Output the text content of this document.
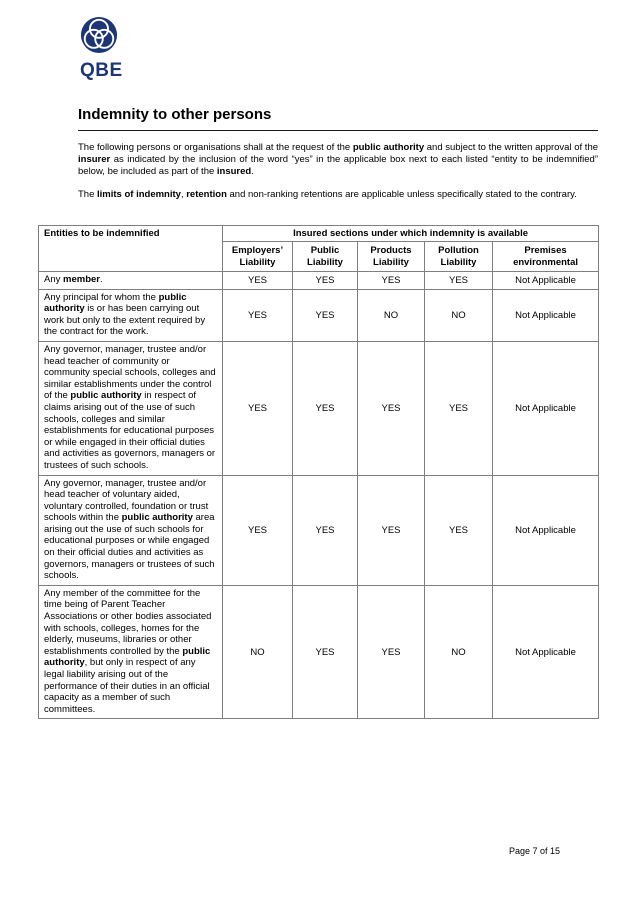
QBE
Indemnity to other persons

The following persons or organisations shall at the request of the public authority and subject to the written approval of the insurer as indicated by the inclusion of the word “yes” in the applicable box next to each listed “entity to be indemnified” below, be included as part of the insured.

The limits of indemnity, retention and non-ranking retentions are applicable unless specifically stated to the contrary.

Entities to be indemnified	Insured sections under which indemnity is available				
	Employers’ Liability	Public Liability	Products Liability	Pollution Liability	Premises environmental
Any member.	YES	YES	YES	YES	Not Applicable
Any principal for whom the public authority is or has been carrying out work but only to the extent required by the contract for the work.	YES	YES	NO	NO	Not Applicable
Any governor, manager, trustee and/or head teacher of community or community special schools, colleges and similar establishments under the control of the public authority in respect of claims arising out of the use of such schools, colleges and similar establishments for educational purposes or while engaged in their official duties and activities as governors, managers or trustees of such schools.	YES	YES	YES	YES	Not Applicable
Any governor, manager, trustee and/or head teacher of voluntary aided, voluntary controlled, foundation or trust schools within the public authority area arising out the use of such schools for educational purposes or while engaged on their official duties and activities as governors, managers or trustees of such schools.	YES	YES	YES	YES	Not Applicable
Any member of the committee for the time being of Parent Teacher Associations or other bodies associated with schools, colleges, homes for the elderly, museums, libraries or other establishments controlled by the public authority, but only in respect of any legal liability arising out of the performance of their duties in an official capacity as a member of such committees.	NO	YES	YES	NO	Not Applicable
Page 7 of 15
